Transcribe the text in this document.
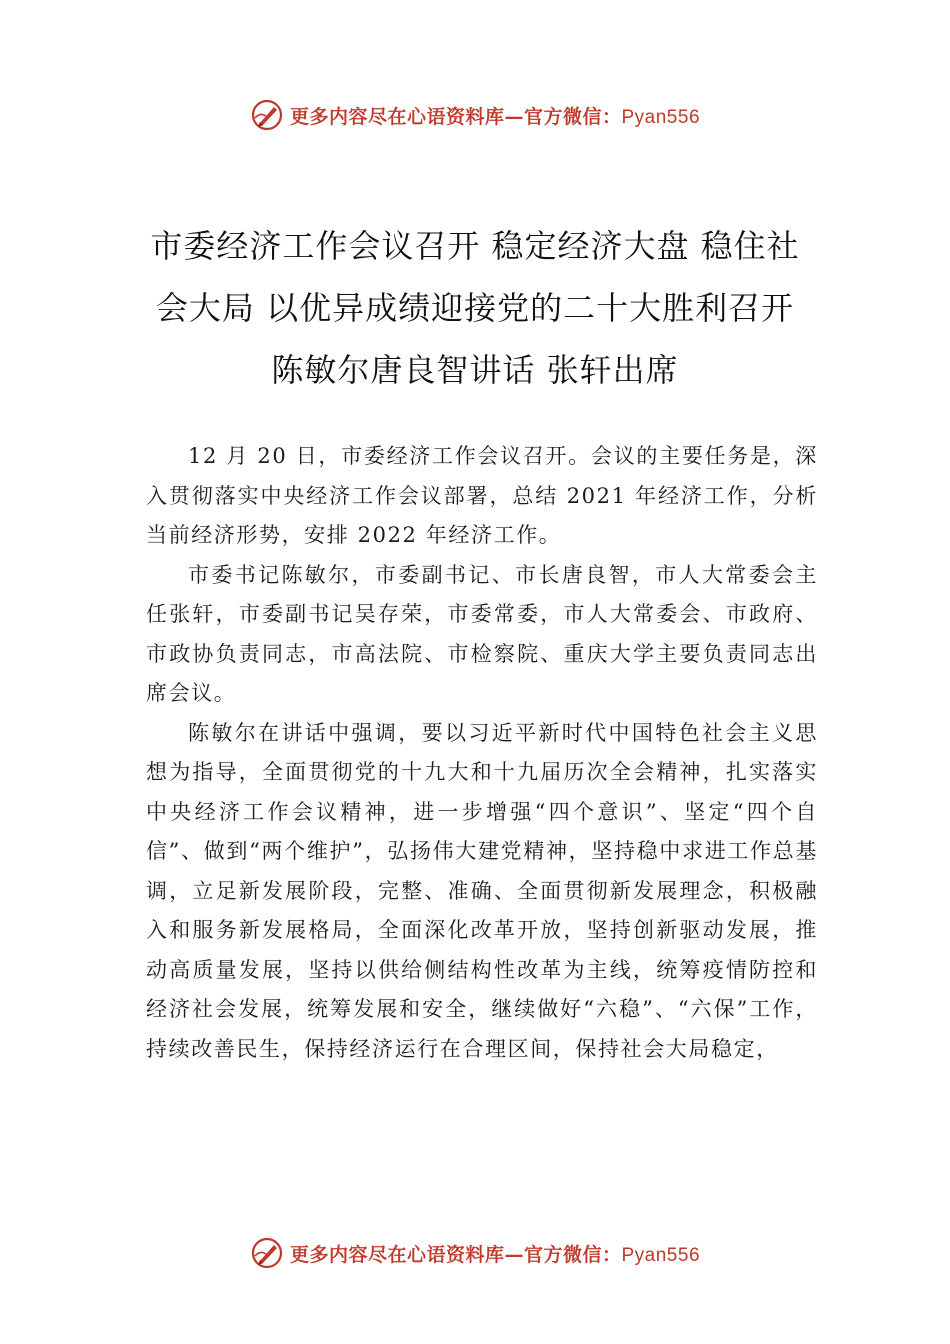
更多内容尽在心语资料库—官方微信：Pyan556
市委经济工作会议召开 稳定经济大盘 稳住社会大局 以优异成绩迎接党的二十大胜利召开 陈敏尔唐良智讲话 张轩出席

12 月 20 日，市委经济工作会议召开。会议的主要任务是，深入贯彻落实中央经济工作会议部署，总结 2021 年经济工作，分析当前经济形势，安排 2022 年经济工作。

市委书记陈敏尔，市委副书记、市长唐良智，市人大常委会主任张轩，市委副书记吴存荣，市委常委，市人大常委会、市政府、市政协负责同志，市高法院、市检察院、重庆大学主要负责同志出席会议。

陈敏尔在讲话中强调，要以习近平新时代中国特色社会主义思想为指导，全面贯彻党的十九大和十九届历次全会精神，扎实落实中央经济工作会议精神，进一步增强“四个意识”、坚定“四个自信”、做到“两个维护”，弘扬伟大建党精神，坚持稳中求进工作总基调，立足新发展阶段，完整、准确、全面贯彻新发展理念，积极融入和服务新发展格局，全面深化改革开放，坚持创新驱动发展，推动高质量发展，坚持以供给侧结构性改革为主线，统筹疫情防控和经济社会发展，统筹发展和安全，继续做好“六稳”、“六保”工作，持续改善民生，保持经济运行在合理区间，保持社会大局稳定，

更多内容尽在心语资料库—官方微信：Pyan556
